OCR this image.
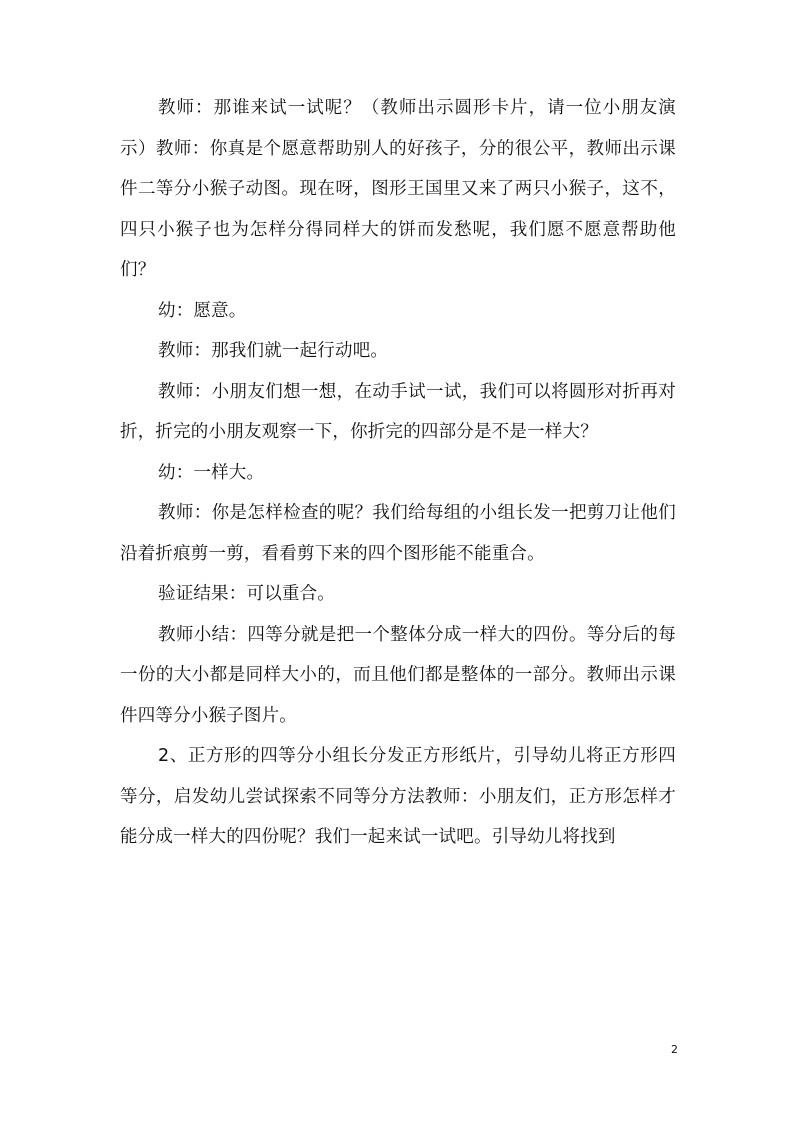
教师：那谁来试一试呢？（教师出示圆形卡片，请一位小朋友演示）教师：你真是个愿意帮助别人的好孩子，分的很公平，教师出示课件二等分小猴子动图。现在呀，图形王国里又来了两只小猴子，这不，四只小猴子也为怎样分得同样大的饼而发愁呢，我们愿不愿意帮助他们？

幼：愿意。

教师：那我们就一起行动吧。

教师：小朋友们想一想，在动手试一试，我们可以将圆形对折再对折，折完的小朋友观察一下，你折完的四部分是不是一样大？

幼：一样大。

教师：你是怎样检查的呢？我们给每组的小组长发一把剪刀让他们沿着折痕剪一剪，看看剪下来的四个图形能不能重合。

验证结果：可以重合。

教师小结：四等分就是把一个整体分成一样大的四份。等分后的每一份的大小都是同样大小的，而且他们都是整体的一部分。教师出示课件四等分小猴子图片。

2、正方形的四等分小组长分发正方形纸片，引导幼儿将正方形四等分，启发幼儿尝试探索不同等分方法教师：小朋友们，正方形怎样才能分成一样大的四份呢？我们一起来试一试吧。引导幼儿将找到

2
